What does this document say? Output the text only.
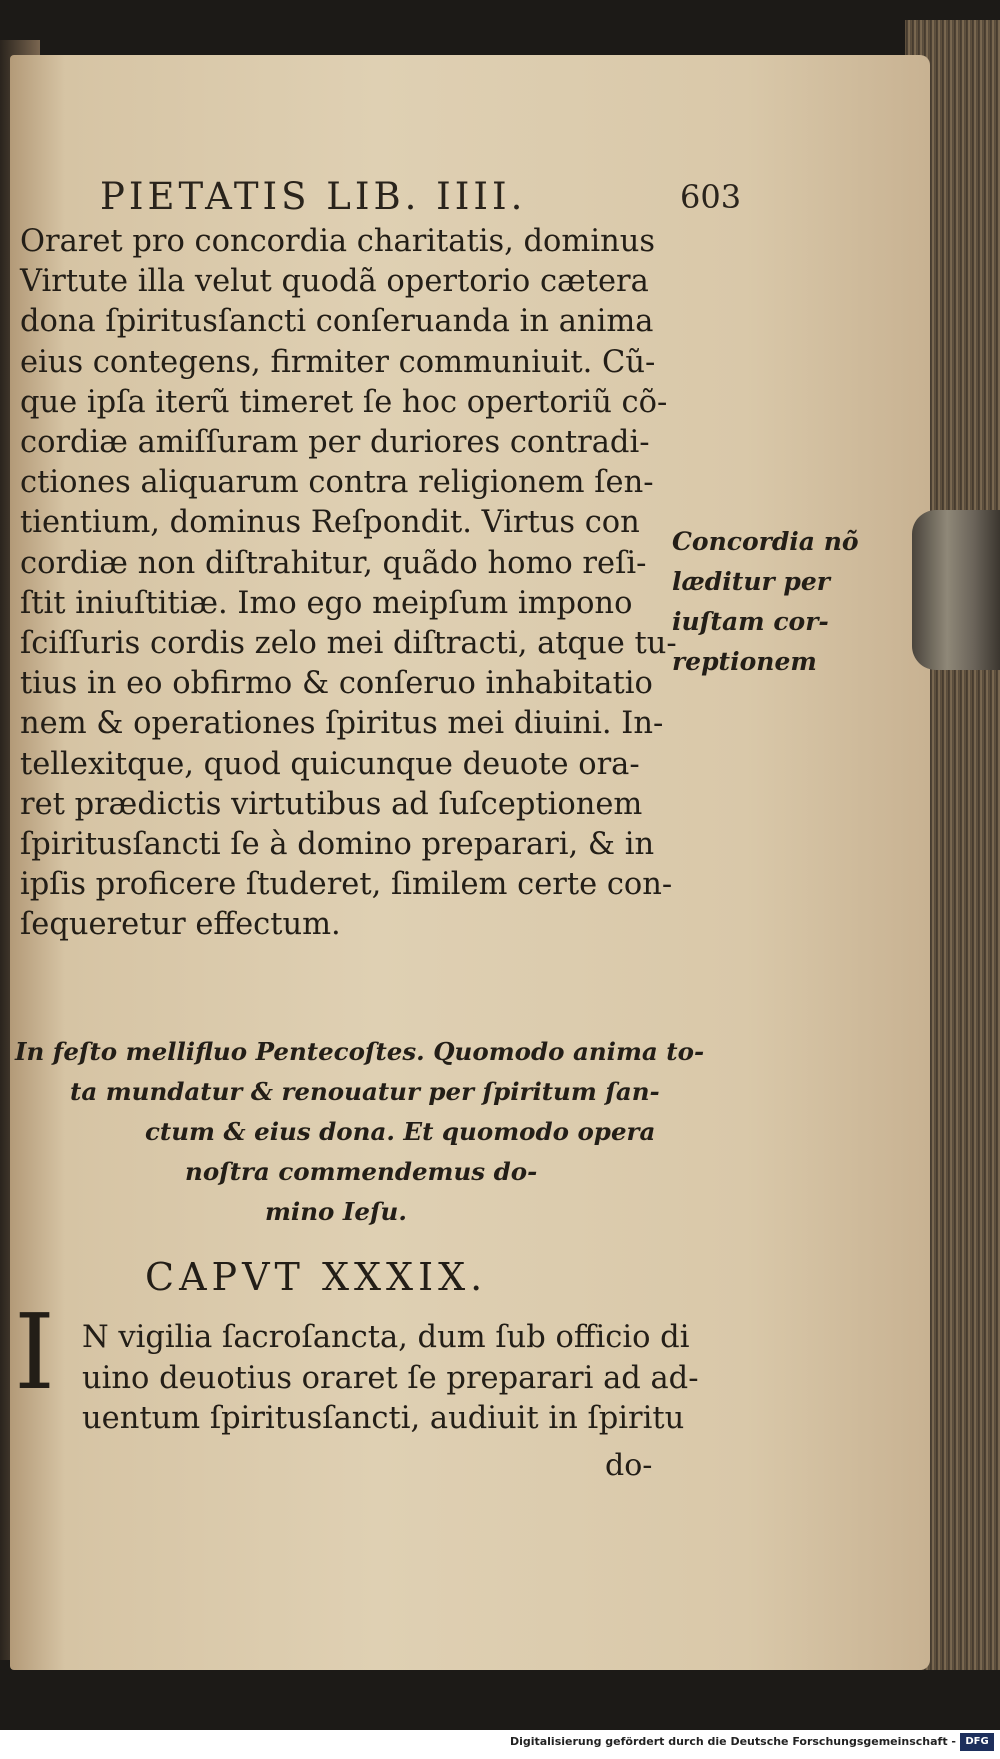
PIETATIS LIB. IIII.	603
Oraret pro concordia charitatis, dominus
Virtute illa velut quodã opertorio cætera
dona ſpiritusſancti conſeruanda in anima
eius contegens, firmiter communiuit. Cũ-
que ipſa iterũ timeret ſe hoc opertoriũ cõ-
cordiæ amiſſuram per duriores contradi-
ctiones aliquarum contra religionem ſen-
tientium, dominus Reſpondit. Virtus con
cordiæ non diſtrahitur, quãdo homo reſi-
ſtit iniuſtitiæ. Imo ego meipſum impono
ſciſſuris cordis zelo mei diſtracti, atque tu-
tius in eo obfirmo & conſeruo inhabitatio
nem & operationes ſpiritus mei diuini. In-
tellexitque, quod quicunque deuote ora-
ret prædictis virtutibus ad ſuſceptionem
ſpiritusſancti ſe à domino preparari, & in
ipſis proficere ſtuderet, ſimilem certe con-
ſequeretur effectum.
Concordia nõ
læditur per
iuſtam cor-
reptionem
In feſto mellifluo Pentecoſtes. Quomodo anima to-
ta mundatur & renouatur per ſpiritum ſan-
ctum & eius dona. Et quomodo opera
noſtra commendemus do-
mino Ieſu.
CAPVT XXXIX.
I N vigilia ſacroſancta, dum ſub officio di
uino deuotius oraret ſe preparari ad ad-
uentum ſpiritusſancti, audiuit in ſpiritu
do-
Digitalisierung gefördert durch die Deutsche Forschungsgemeinschaft - DFG
